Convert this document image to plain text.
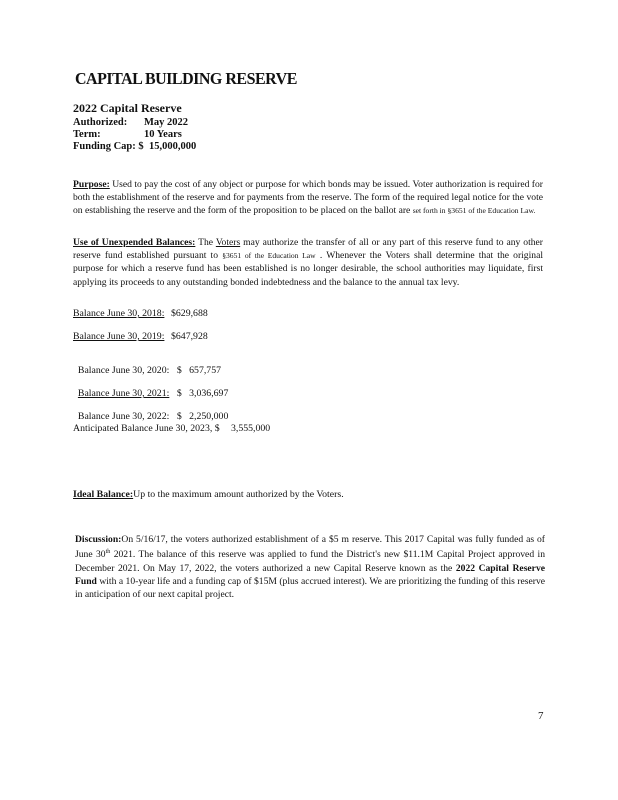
CAPITAL BUILDING RESERVE
2022 Capital Reserve
Authorized: May 2022
Term:	10 Years
Funding Cap: $ 15,000,000
Purpose: Used to pay the cost of any object or purpose for which bonds may be issued. Voter authorization is required for both the establishment of the reserve and for payments from the reserve. The form of the required legal notice for the vote on establishing the reserve and the form of the proposition to be placed on the ballot are set forth in §3651 of the Education Law.
Use of Unexpended Balances: The Voters may authorize the transfer of all or any part of this reserve fund to any other reserve fund established pursuant to §3651 of the Education Law . Whenever the Voters shall determine that the original purpose for which a reserve fund has been established is no longer desirable, the school authorities may liquidate, first applying its proceeds to any outstanding bonded indebtedness and the balance to the annual tax levy.
Balance June 30, 2018: $629,688
Balance June 30, 2019: $647,928

Balance June 30, 2020: $   657,757

Balance June 30, 2021: $   3,036,697

Balance June 30, 2022: $   2,250,000

Anticipated Balance June 30, 2023, $ 3,555,000
Ideal Balance:Up to the maximum amount authorized by the Voters.
Discussion:On 5/16/17, the voters authorized establishment of a $5 m reserve. This 2017 Capital was fully funded as of June 30th 2021. The balance of this reserve was applied to fund the District's new $11.1M Capital Project approved in December 2021. On May 17, 2022, the voters authorized a new Capital Reserve known as the 2022 Capital Reserve Fund with a 10-year life and a funding cap of $15M (plus accrued interest). We are prioritizing the funding of this reserve in anticipation of our next capital project.
7
